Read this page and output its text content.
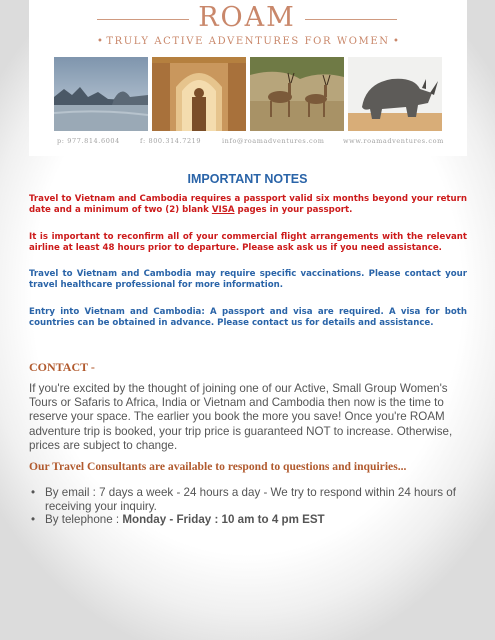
ROAM
• TRULY ACTIVE ADVENTURES FOR WOMEN •
p: 977.814.6004	f: 800.314.7219	info@roamadventures.com	www.roamadventures.com
IMPORTANT NOTES
Travel to Vietnam and Cambodia requires a passport valid six months beyond your return date and a minimum of two (2) blank VISA pages in your passport.
It is important to reconfirm all of your commercial flight arrangements with the relevant airline at least 48 hours prior to departure. Please ask ask us if you need assistance.
Travel to Vietnam and Cambodia may require specific vaccinations. Please contact your travel healthcare professional for more information.
Entry into Vietnam and Cambodia: A passport and visa are required. A visa for both countries can be obtained in advance. Please contact us for details and assistance.
CONTACT -
If you're excited by the thought of joining one of our Active, Small Group Women's Tours or Safaris to Africa, India or Vietnam and Cambodia then now is the time to reserve your space. The earlier you book the more you save! Once you're ROAM adventure trip is booked, your trip price is guaranteed NOT to increase. Otherwise, prices are subject to change.
Our Travel Consultants are available to respond to questions and inquiries...
• By email : 7 days a week - 24 hours a day - We try to respond within 24 hours of receiving your inquiry.
• By telephone : Monday - Friday : 10 am to 4 pm EST
